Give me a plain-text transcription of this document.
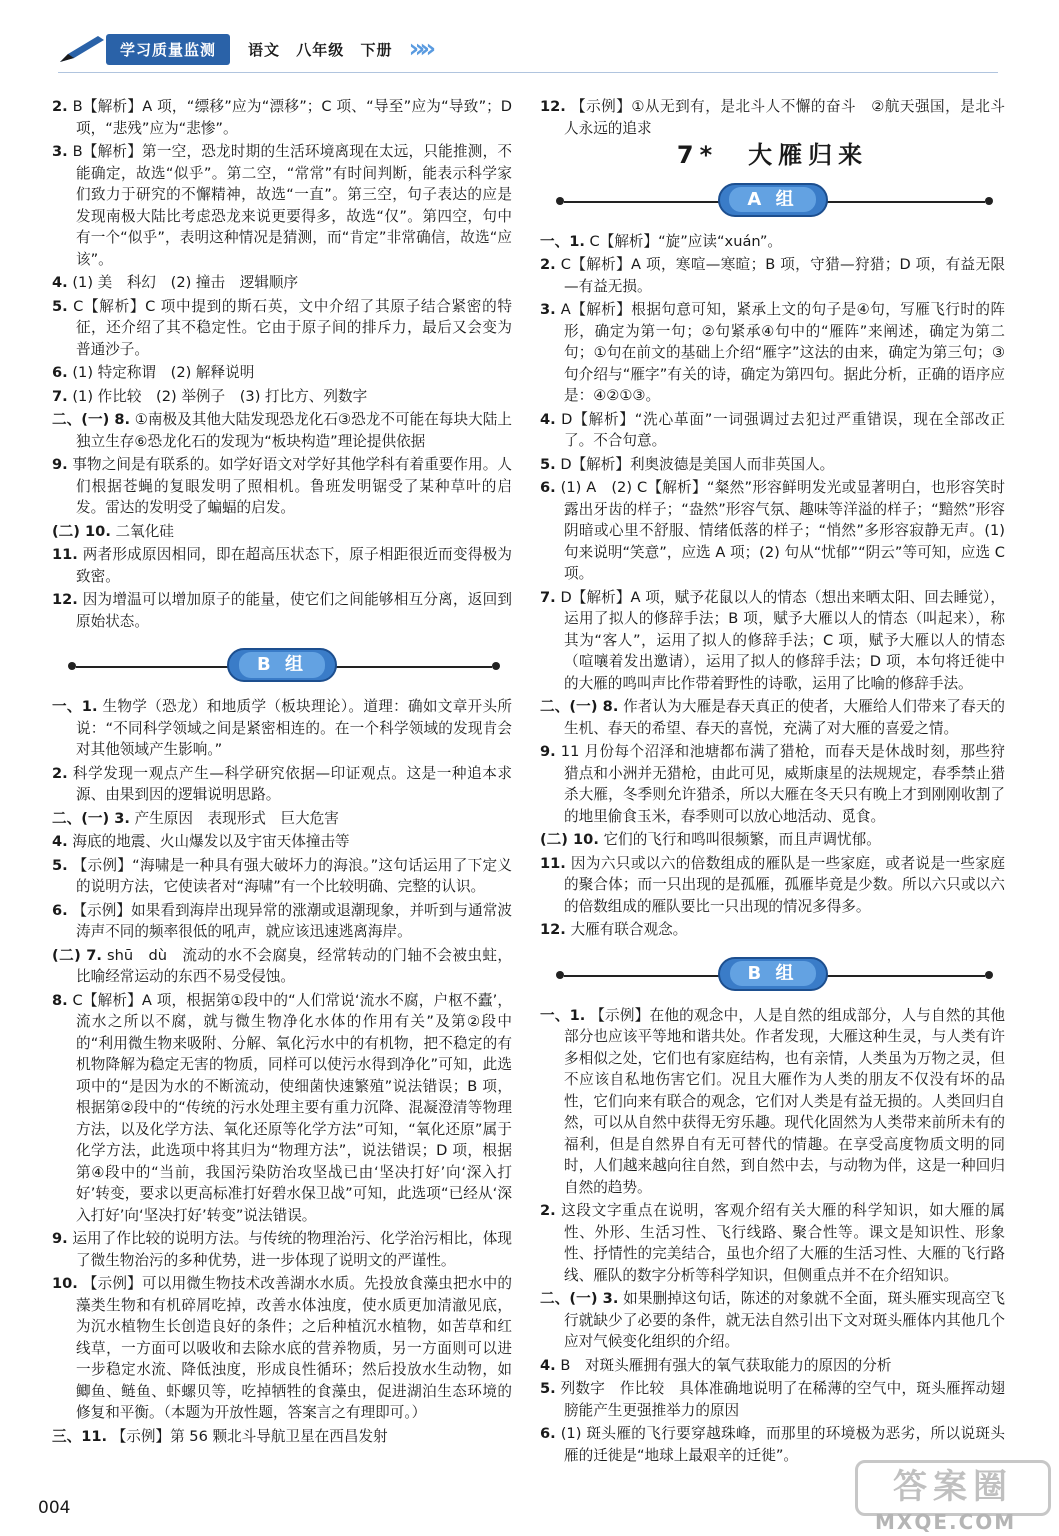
学习质量监测	语文 八年级 下册 »»
2. B【解析】A 项，“缥移”应为“漂移”；C 项、“导至”应为“导致”；D 项，“悲残”应为“悲惨”。
3. B【解析】第一空，恐龙时期的生活环境离现在太远，只能推测，不能确定，故选“似乎”。第二空，“常常”有时间判断，能表示科学家们致力于研究的不懈精神，故选“一直”。第三空，句子表达的应是发现南极大陆比考虑恐龙来说更要得多，故选“仅”。第四空，句中有一个“似乎”，表明这种情况是猜测，而“肯定”非常确信，故选“应该”。
4. (1) 美　科幻　(2) 撞击　逻辑顺序
5. C【解析】C 项中提到的斯石英，文中介绍了其原子结合紧密的特征，还介绍了其不稳定性。它由于原子间的排斥力，最后又会变为普通沙子。
6. (1) 特定称谓　(2) 解释说明
7. (1) 作比较　(2) 举例子　(3) 打比方、列数字
二、(一) 8. ①南极及其他大陆发现恐龙化石③恐龙不可能在每块大陆上独立生存⑥恐龙化石的发现为“板块构造”理论提供依据
9. 事物之间是有联系的。如学好语文对学好其他学科有着重要作用。人们根据苍蝇的复眼发明了照相机。鲁班发明锯受了某种草叶的启发。雷达的发明受了蝙蝠的启发。
(二) 10. 二氧化硅
11. 两者形成原因相同，即在超高压状态下，原子相距很近而变得极为致密。
12. 因为增温可以增加原子的能量，使它们之间能够相互分离，返回到原始状态。
B 组
一、1. 生物学（恐龙）和地质学（板块理论）。道理：确如文章开头所说：“不同科学领域之间是紧密相连的。在一个科学领域的发现肯会对其他领域产生影响。”
2. 科学发现一观点产生—科学研究依据—印证观点。这是一种追本求源、由果到因的逻辑说明思路。
二、(一) 3. 产生原因　表现形式　巨大危害
4. 海底的地震、火山爆发以及宇宙天体撞击等
5. 【示例】“海啸是一种具有强大破坏力的海浪。”这句话运用了下定义的说明方法，它使读者对“海啸”有一个比较明确、完整的认识。
6. 【示例】如果看到海岸出现异常的涨潮或退潮现象，并听到与通常波涛声不同的频率很低的吼声，就应该迅速逃离海岸。
(二) 7. shū　dù　流动的水不会腐臭，经常转动的门轴不会被虫蛀，比喻经常运动的东西不易受侵蚀。
8. C【解析】A 项，根据第①段中的“人们常说‘流水不腐，户枢不蠹’，流水之所以不腐，就与微生物净化水体的作用有关”及第②段中的“利用微生物来吸附、分解、氧化污水中的有机物，把不稳定的有机物降解为稳定无害的物质，同样可以使污水得到净化”可知，此选项中的“是因为水的不断流动，使细菌快速繁殖”说法错误；B 项，根据第②段中的“传统的污水处理主要有重力沉降、混凝澄清等物理方法，以及化学方法、氧化还原等化学方法”可知，“氧化还原”属于化学方法，此选项中将其归为“物理方法”，说法错误；D 项，根据第④段中的“当前，我国污染防治攻坚战已由‘坚决打好’向‘深入打好’转变，要求以更高标准打好碧水保卫战”可知，此选项“已经从‘深入打好’向‘坚决打好’转变”说法错误。
9. 运用了作比较的说明方法。与传统的物理治污、化学治污相比，体现了微生物治污的多种优势，进一步体现了说明文的严谨性。
10. 【示例】可以用微生物技术改善湖水水质。先投放食藻虫把水中的藻类生物和有机碎屑吃掉，改善水体浊度，使水质更加清澈见底，为沉水植物生长创造良好的条件；之后种植沉水植物，如苦草和红线草，一方面可以吸收和去除水底的营养物质，另一方面则可以进一步稳定水流、降低浊度，形成良性循环；然后投放水生动物，如鲫鱼、鲢鱼、虾螺贝等，吃掉牺牲的食藻虫，促进湖泊生态环境的修复和平衡。（本题为开放性题，答案言之有理即可。）
三、11. 【示例】第 56 颗北斗导航卫星在西昌发射
12. 【示例】①从无到有，是北斗人不懈的奋斗　②航天强国，是北斗人永远的追求
7*　大雁归来
A 组
一、1. C【解析】“旋”应读“xuán”。
2. C【解析】A 项，寒喧—寒暄；B 项，守猎—狩猎；D 项，有益无限—有益无损。
3. A【解析】根据句意可知，紧承上文的句子是④句，写雁飞行时的阵形，确定为第一句；②句紧承④句中的“雁阵”来阐述，确定为第二句；①句在前文的基础上介绍“雁字”这法的由来，确定为第三句；③句介绍与“雁字”有关的诗，确定为第四句。据此分析，正确的语序应是：④②①③。
4. D【解析】“洗心革面”一词强调过去犯过严重错误，现在全部改正了。不合句意。
5. D【解析】利奥波德是美国人而非英国人。
6. (1) A　(2) C【解析】“粲然”形容鲜明发光或显著明白，也形容笑时露出牙齿的样子；“盎然”形容气氛、趣味等洋溢的样子；“黯然”形容阴暗或心里不舒服、情绪低落的样子；“悄然”多形容寂静无声。(1) 句来说明“笑意”，应选 A 项；(2) 句从“忧郁”“阴云”等可知，应选 C 项。
7. D【解析】A 项，赋予花鼠以人的情态（想出来晒太阳、回去睡觉），运用了拟人的修辞手法；B 项，赋予大雁以人的情态（叫起来），称其为“客人”，运用了拟人的修辞手法；C 项，赋予大雁以人的情态（喧嚷着发出邀请），运用了拟人的修辞手法；D 项，本句将迁徙中的大雁的鸣叫声比作带着野性的诗歌，运用了比喻的修辞手法。
二、(一) 8. 作者认为大雁是春天真正的使者，大雁给人们带来了春天的生机、春天的希望、春天的喜悦，充满了对大雁的喜爱之情。
9. 11 月份每个沼泽和池塘都布满了猎枪，而春天是休战时刻，那些狩猎点和小洲并无猎枪，由此可见，威斯康星的法规规定，春季禁止猎杀大雁，冬季则允许猎杀，所以大雁在冬天只有晚上才到刚刚收割了的地里偷食玉米，春季则可以放心地活动、觅食。
(二) 10. 它们的飞行和鸣叫很频繁，而且声调忧郁。
11. 因为六只或以六的倍数组成的雁队是一些家庭，或者说是一些家庭的聚合体；而一只出现的是孤雁，孤雁毕竟是少数。所以六只或以六的倍数组成的雁队要比一只出现的情况多得多。
12. 大雁有联合观念。
B 组
一、1. 【示例】在他的观念中，人是自然的组成部分，人与自然的其他部分也应该平等地和谐共处。作者发现，大雁这种生灵，与人类有许多相似之处，它们也有家庭结构，也有亲情，人类虽为万物之灵，但不应该自私地伤害它们。况且大雁作为人类的朋友不仅没有坏的品性，它们向来有联合的观念，它们对人类是有益无损的。人类回归自然，可以从自然中获得无穷乐趣。现代化固然为人类带来前所未有的福利，但是自然界自有无可替代的情趣。在享受高度物质文明的同时，人们越来越向往自然，到自然中去，与动物为伴，这是一种回归自然的趋势。
2. 这段文字重点在说明，客观介绍有关大雁的科学知识，如大雁的属性、外形、生活习性、飞行线路、聚合性等。课文是知识性、形象性、抒情性的完美结合，虽也介绍了大雁的生活习性、大雁的飞行路线、雁队的数字分析等科学知识，但侧重点并不在介绍知识。
二、(一) 3. 如果删掉这句话，陈述的对象就不全面，斑头雁实现高空飞行就缺少了必要的条件，就无法自然引出下文对斑头雁体内其他几个应对气候变化组织的介绍。
4. B　对斑头雁拥有强大的氧气获取能力的原因的分析
5. 列数字　作比较　具体准确地说明了在稀薄的空气中，斑头雁挥动翅膀能产生更强推举力的原因
6. (1) 斑头雁的飞行要穿越珠峰，而那里的环境极为恶劣，所以说斑头雁的迁徙是“地球上最艰辛的迁徙”。
004
答案圈
MXQE.COM
